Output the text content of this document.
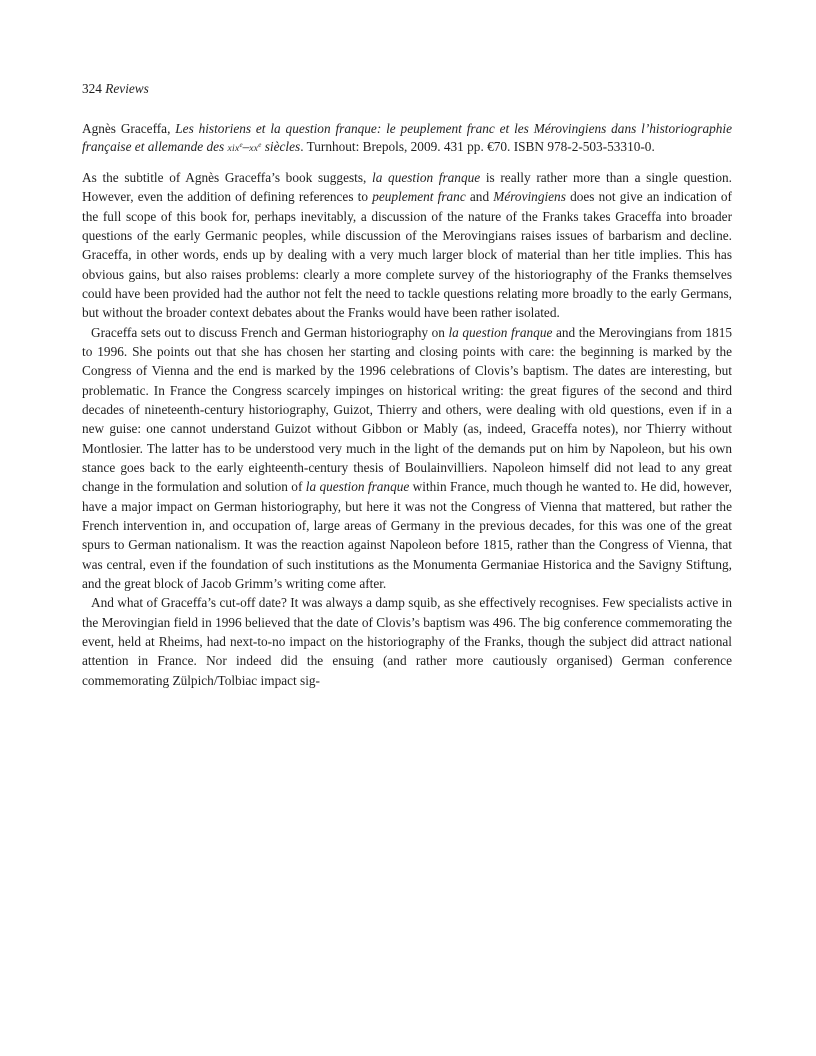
324 Reviews

Agnès Graceffa, Les historiens et la question franque: le peuplement franc et les Mérovingiens dans l’historiographie française et allemande des $xix^e-xx^e$ siècles. Turnhout: Brepols, 2009. 431 pp. €70. ISBN 978-2-503-53310-0.

As the subtitle of Agnès Graceffa’s book suggests, la question franque is really rather more than a single question. However, even the addition of defining references to peuplement franc and Mérovingiens does not give an indication of the full scope of this book for, perhaps inevitably, a discussion of the nature of the Franks takes Graceffa into broader questions of the early Germanic peoples, while discussion of the Merovingians raises issues of barbarism and decline. Graceffa, in other words, ends up by dealing with a very much larger block of material than her title implies. This has obvious gains, but also raises problems: clearly a more complete survey of the historiography of the Franks themselves could have been provided had the author not felt the need to tackle questions relating more broadly to the early Germans, but without the broader context debates about the Franks would have been rather isolated.

Graceffa sets out to discuss French and German historiography on la question franque and the Merovingians from 1815 to 1996. She points out that she has chosen her starting and closing points with care: the beginning is marked by the Congress of Vienna and the end is marked by the 1996 celebrations of Clovis’s baptism. The dates are interesting, but problematic. In France the Congress scarcely impinges on historical writing: the great figures of the second and third decades of nineteenth-century historiography, Guizot, Thierry and others, were dealing with old questions, even if in a new guise: one cannot understand Guizot without Gibbon or Mably (as, indeed, Graceffa notes), nor Thierry without Montlosier. The latter has to be understood very much in the light of the demands put on him by Napoleon, but his own stance goes back to the early eighteenth-century thesis of Boulainvilliers. Napoleon himself did not lead to any great change in the formulation and solution of la question franque within France, much though he wanted to. He did, however, have a major impact on German historiography, but here it was not the Congress of Vienna that mattered, but rather the French intervention in, and occupation of, large areas of Germany in the previous decades, for this was one of the great spurs to German nationalism. It was the reaction against Napoleon before 1815, rather than the Congress of Vienna, that was central, even if the foundation of such institutions as the Monumenta Germaniae Historica and the Savigny Stiftung, and the great block of Jacob Grimm’s writing come after.

And what of Graceffa’s cut-off date? It was always a damp squib, as she effectively recognises. Few specialists active in the Merovingian field in 1996 believed that the date of Clovis’s baptism was 496. The big conference commemorating the event, held at Rheims, had next-to-no impact on the historiography of the Franks, though the subject did attract national attention in France. Nor indeed did the ensuing (and rather more cautiously organised) German conference commemorating Zülpich/Tolbiac impact sig-
